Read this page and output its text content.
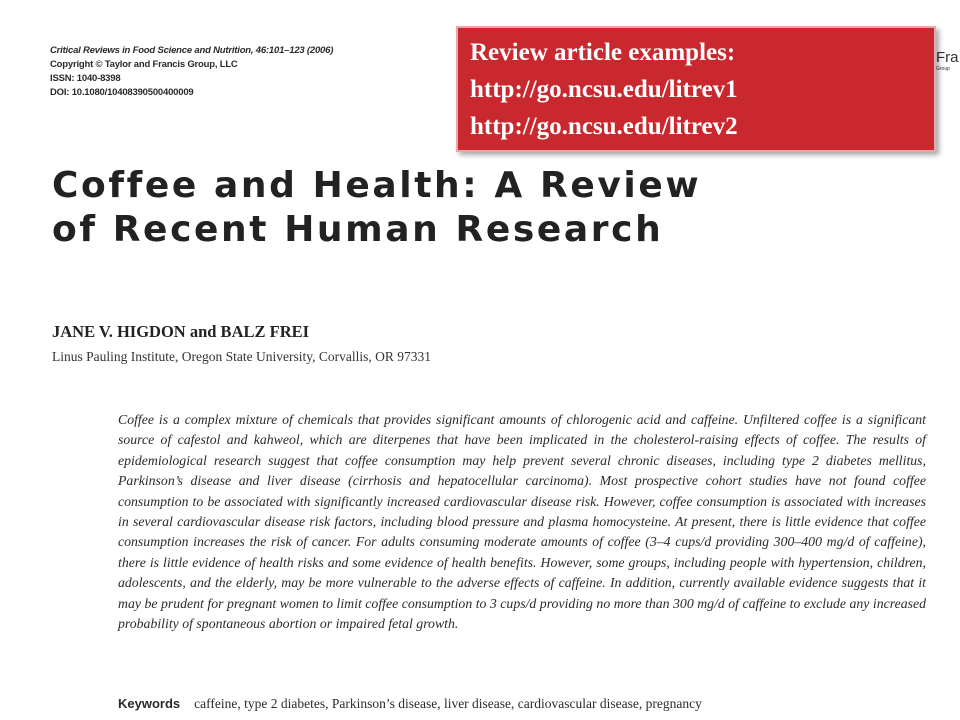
Critical Reviews in Food Science and Nutrition, 46:101–123 (2006)
Copyright © Taylor and Francis Group, LLC
ISSN: 1040-8398
DOI: 10.1080/10408390500400009
Fra
Group
Coffee and Health: A Review
of Recent Human Research
JANE V. HIGDON and BALZ FREI
Linus Pauling Institute, Oregon State University, Corvallis, OR 97331

Coffee is a complex mixture of chemicals that provides significant amounts of chlorogenic acid and caffeine. Unfiltered coffee is a significant source of cafestol and kahweol, which are diterpenes that have been implicated in the cholesterol-raising effects of coffee. The results of epidemiological research suggest that coffee consumption may help prevent several chronic diseases, including type 2 diabetes mellitus, Parkinson’s disease and liver disease (cirrhosis and hepatocellular carcinoma). Most prospective cohort studies have not found coffee consumption to be associated with significantly increased cardiovascular disease risk. However, coffee consumption is associated with increases in several cardiovascular disease risk factors, including blood pressure and plasma homocysteine. At present, there is little evidence that coffee consumption increases the risk of cancer. For adults consuming moderate amounts of coffee (3–4 cups/d providing 300–400 mg/d of caffeine), there is little evidence of health risks and some evidence of health benefits. However, some groups, including people with hypertension, children, adolescents, and the elderly, may be more vulnerable to the adverse effects of caffeine. In addition, currently available evidence suggests that it may be prudent for pregnant women to limit coffee consumption to 3 cups/d providing no more than 300 mg/d of caffeine to exclude any increased probability of spontaneous abortion or impaired fetal growth.

Keywords caffeine, type 2 diabetes, Parkinson’s disease, liver disease, cardiovascular disease, pregnancy
Review article examples:
http://go.ncsu.edu/litrev1
http://go.ncsu.edu/litrev2
